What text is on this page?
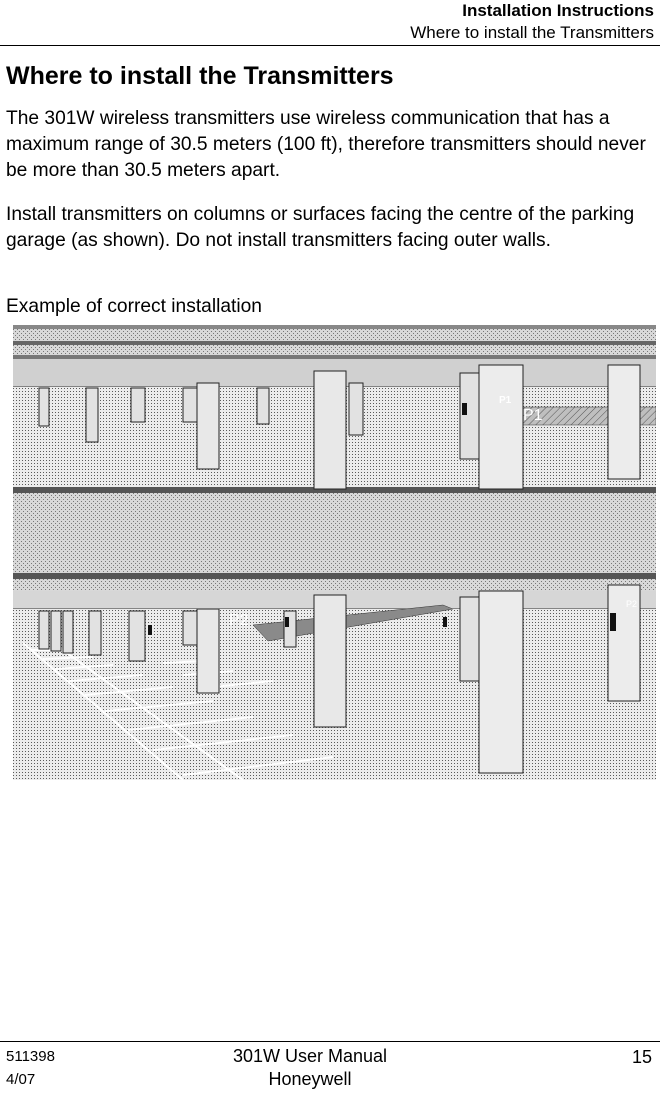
Installation Instructions
Where to install the Transmitters
Where to install the Transmitters
The 301W wireless transmitters use wireless communication that has a maximum range of 30.5 meters (100 ft), therefore transmitters should never be more than 30.5 meters apart.
Install transmitters on columns or surfaces facing the centre of the parking garage (as shown). Do not install transmitters facing outer walls.
Example of correct installation
P1
P2
P1
P2
511398
4/07
301W User Manual
Honeywell
15
